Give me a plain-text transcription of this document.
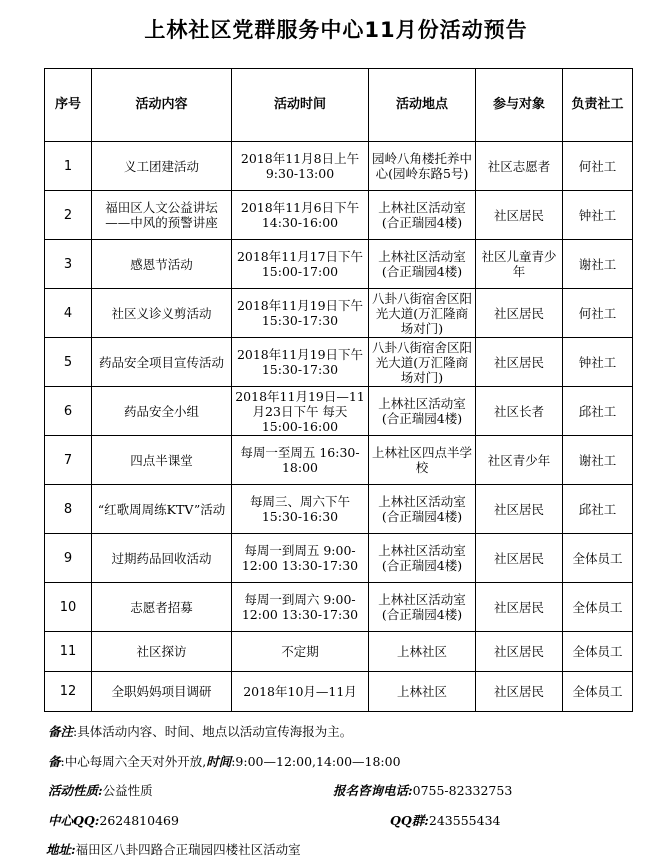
上林社区党群服务中心11月份活动预告
序号	活动内容	活动时间	活动地点	参与对象	负责社工
1	义工团建活动	2018年11月8日上午 9:30-13:00	园岭八角楼托养中心(园岭东路5号)	社区志愿者	何社工
2	福田区人文公益讲坛——中风的预警讲座	2018年11月6日下午 14:30-16:00	上林社区活动室(合正瑞园4楼)	社区居民	钟社工
3	感恩节活动	2018年11月17日下午 15:00-17:00	上林社区活动室(合正瑞园4楼)	社区儿童青少年	谢社工
4	社区义诊义剪活动	2018年11月19日下午 15:30-17:30	八卦八街宿舍区阳光大道(万汇隆商场对门)	社区居民	何社工
5	药品安全项目宣传活动	2018年11月19日下午 15:30-17:30	八卦八街宿舍区阳光大道(万汇隆商场对门)	社区居民	钟社工
6	药品安全小组	2018年11月19日—11月23日下午 每天15:00-16:00	上林社区活动室(合正瑞园4楼)	社区长者	邱社工
7	四点半课堂	每周一至周五 16:30-18:00	上林社区四点半学校	社区青少年	谢社工
8	“红歌周周练KTV”活动	每周三、周六下午 15:30-16:30	上林社区活动室(合正瑞园4楼)	社区居民	邱社工
9	过期药品回收活动	每周一到周五 9:00-12:00 13:30-17:30	上林社区活动室(合正瑞园4楼)	社区居民	全体员工
10	志愿者招募	每周一到周六 9:00-12:00 13:30-17:30	上林社区活动室(合正瑞园4楼)	社区居民	全体员工
11	社区探访	不定期	上林社区	社区居民	全体员工
12	全职妈妈项目调研	2018年10月—11月	上林社区	社区居民	全体员工
备注:具体活动内容、时间、地点以活动宣传海报为主。
备:中心每周六全天对外开放,时间:9:00—12:00,14:00—18:00
活动性质:公益性质	报名咨询电话:0755-82332753
中心QQ:2624810469	QQ群:243555434
地址:福田区八卦四路合正瑞园四楼社区活动室
